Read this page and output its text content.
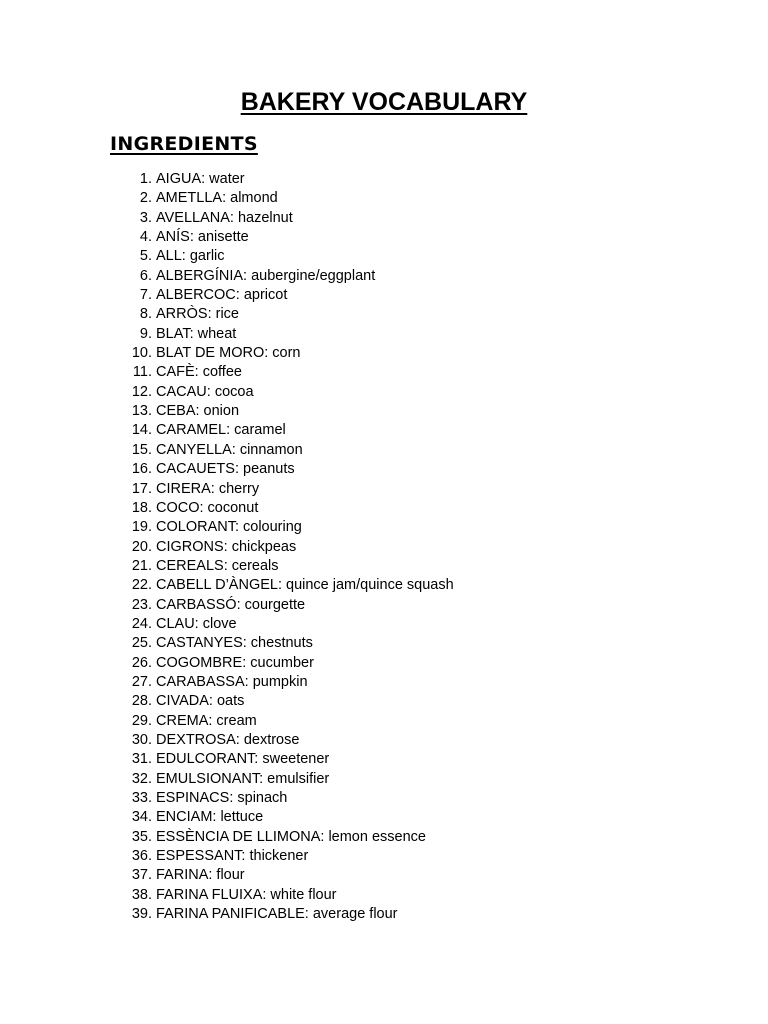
BAKERY VOCABULARY
INGREDIENTS
1. AIGUA: water
2. AMETLLA: almond
3. AVELLANA: hazelnut
4. ANÍS: anisette
5. ALL: garlic
6. ALBERGÍNIA: aubergine/eggplant
7. ALBERCOC: apricot
8. ARRÒS: rice
9. BLAT: wheat
10. BLAT DE MORO: corn
11. CAFÈ: coffee
12. CACAU: cocoa
13. CEBA: onion
14. CARAMEL: caramel
15. CANYELLA: cinnamon
16. CACAUETS: peanuts
17. CIRERA: cherry
18. COCO: coconut
19. COLORANT: colouring
20. CIGRONS: chickpeas
21. CEREALS: cereals
22. CABELL D’ÀNGEL: quince jam/quince squash
23. CARBASSÓ: courgette
24. CLAU: clove
25. CASTANYES: chestnuts
26. COGOMBRE: cucumber
27. CARABASSA: pumpkin
28. CIVADA: oats
29. CREMA: cream
30. DEXTROSA: dextrose
31. EDULCORANT: sweetener
32. EMULSIONANT: emulsifier
33. ESPINACS: spinach
34. ENCIAM: lettuce
35. ESSÈNCIA DE LLIMONA: lemon essence
36. ESPESSANT: thickener
37. FARINA: flour
38. FARINA FLUIXA: white flour
39. FARINA PANIFICABLE: average flour
